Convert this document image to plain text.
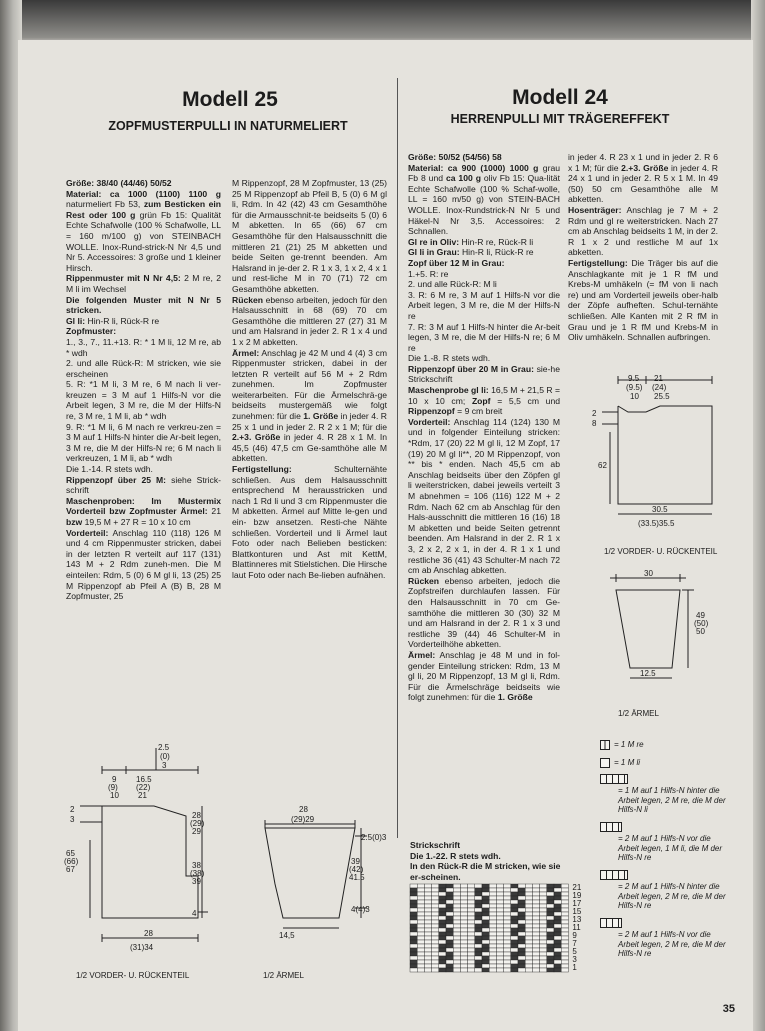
Modell 25
ZOPFMUSTERPULLI IN NATURMELIERT

Größe: 38/40 (44/46) 50/52

Material: ca 1000 (1100) 1100 g naturmeliert Fb 53, zum Besticken ein Rest oder 100 g grün Fb 15: Qualität Echte Schafwolle (100 % Schafwolle, LL = 160 m/100 g) von STEINBACH WOLLE. Inox-Rund-strick-N Nr 4,5 und Nr 5. Accessoires: 3 große und 1 kleiner Hirsch.

Rippenmuster mit N Nr 4,5: 2 M re, 2 M li im Wechsel

Die folgenden Muster mit N Nr 5 stricken.

Gl li: Hin-R li, Rück-R re

Zopfmuster:

1., 3., 7., 11.+13. R: * 1 M li, 12 M re, ab * wdh

2. und alle Rück-R: M stricken, wie sie erscheinen

5. R: *1 M li, 3 M re, 6 M nach li ver-kreuzen = 3 M auf 1 Hilfs-N vor die Arbeit legen, 3 M re, die M der Hilfs-N re, 3 M re, 1 M li, ab * wdh

9. R: *1 M li, 6 M nach re verkreu-zen = 3 M auf 1 Hilfs-N hinter die Ar-beit legen, 3 M re, die M der Hilfs-N re; 6 M nach li verkreuzen, 1 M li, ab * wdh

Die 1.-14. R stets wdh.

Rippenzopf über 25 M: siehe Strick-schrift

Maschenproben: Im Mustermix Vorderteil bzw Zopfmuster Ärmel: 21 bzw 19,5 M + 27 R = 10 x 10 cm

Vorderteil: Anschlag 110 (118) 126 M und 4 cm Rippenmuster stricken, dabei in der letzten R verteilt auf 117 (131) 143 M + 2 Rdm zuneh-men. Die M einteilen: Rdm, 5 (0) 6 M gl li, 13 (25) 25 M Rippenzopf ab Pfeil A (B) B, 28 M Zopfmuster, 25

M Rippenzopf, 28 M Zopfmuster, 13 (25) 25 M Rippenzopf ab Pfeil B, 5 (0) 6 M gl li, Rdm. In 42 (42) 43 cm Gesamthöhe für die Armausschnit-te beidseits 5 (0) 6 M abketten. In 65 (66) 67 cm Gesamthöhe für den Halsausschnitt die mittleren 21 (21) 25 M abketten und beide Seiten ge-trennt beenden. Am Halsrand in je-der 2. R 1 x 3, 1 x 2, 4 x 1 und rest-liche M in 70 (71) 72 cm Gesamthöhe abketten.

Rücken ebenso arbeiten, jedoch für den Halsausschnitt in 68 (69) 70 cm Gesamthöhe die mittleren 27 (27) 31 M und am Halsrand in jeder 2. R 1 x 4 und 1 x 2 M abketten.

Ärmel: Anschlag je 42 M und 4 (4) 3 cm Rippenmuster stricken, dabei in der letzten R verteilt auf 56 M + 2 Rdm zunehmen. Im Zopfmuster weiterarbeiten. Für die Ärmelschrä-ge beidseits mustergemäß wie folgt zunehmen: für die 1. Größe in jeder 4. R 25 x 1 und in jeder 2. R 2 x 1 M; für die 2.+3. Größe in jeder 4. R 28 x 1 M. In 45,5 (46) 47,5 cm Ge-samthöhe alle M abketten.

Fertigstellung: Schulternähte schließen. Aus dem Halsausschnitt entsprechend M herausstricken und nach 1 Rd li und 3 cm Rippenmuster die M abketten. Ärmel auf Mitte le-gen und ein- bzw ansetzen. Resti-che Nähte schließen. Vorderteil und li Ärmel laut Foto oder nach Belieben besticken: Blattkonturen und Ast mit KettM, Blattinneres mit Stielstichen. Die Hirsche laut Foto oder nach Be-lieben aufnähen.

Modell 24
HERRENPULLI MIT TRÄGEREFFEKT

Größe: 50/52 (54/56) 58

Material: ca 900 (1000) 1000 g grau Fb 8 und ca 100 g oliv Fb 15: Qua-lität Echte Schafwolle (100 % Schaf-wolle, LL = 160 m/50 g) von STEIN-BACH WOLLE. Inox-Rundstrick-N Nr 5 und Häkel-N Nr 3,5. Accessoires: 2 Schnallen.

Gl re in Oliv: Hin-R re, Rück-R li

Gl li in Grau: Hin-R li, Rück-R re

Zopf über 12 M in Grau:

1.+5. R: re

2. und alle Rück-R: M li

3. R: 6 M re, 3 M auf 1 Hilfs-N vor die Arbeit legen, 3 M re, die M der Hilfs-N re

7. R: 3 M auf 1 Hilfs-N hinter die Ar-beit legen, 3 M re, die M der Hilfs-N re; 6 M re

Die 1.-8. R stets wdh.

Rippenzopf über 20 M in Grau: sie-he Strickschrift

Maschenprobe gl li: 16,5 M + 21,5 R = 10 x 10 cm; Zopf = 5,5 cm und Rippenzopf = 9 cm breit

Vorderteil: Anschlag 114 (124) 130 M und in folgender Einteilung stricken: *Rdm, 17 (20) 22 M gl li, 12 M Zopf, 17 (19) 20 M gl li**, 20 M Rippenzopf, von ** bis * enden. Nach 45,5 cm ab Anschlag beidseits über den Zöpfen gl li weiterstricken, dabei jeweils verteilt 3 M abnehmen = 106 (116) 122 M + 2 Rdm. Nach 62 cm ab Anschlag für den Hals-ausschnitt die mittleren 16 (16) 18 M abketten und beide Seiten getrennt beenden. Am Halsrand in der 2. R 1 x 3, 2 x 2, 2 x 1, in der 4. R 1 x 1 und restliche 36 (41) 43 Schulter-M nach 72 cm ab Anschlag abketten.

Rücken ebenso arbeiten, jedoch die Zopfstreifen durchlaufen lassen. Für den Halsausschnitt in 70 cm Ge-samthöhe die mittleren 30 (30) 32 M und am Halsrand in der 2. R 1 x 3 und restliche 39 (44) 46 Schulter-M in Vorderteilhöhe abketten.

Ärmel: Anschlag je 48 M und in fol-gender Einteilung stricken: Rdm, 13 M gl li, 20 M Rippenzopf, 13 M gl li, Rdm. Für die Ärmelschräge beidseits wie folgt zunehmen: für die 1. Größe

in jeder 4. R 23 x 1 und in jeder 2. R 6 x 1 M; für die 2.+3. Größe in jeder 4. R 24 x 1 und in jeder 2. R 5 x 1 M. In 49 (50) 50 cm Gesamthöhe alle M abketten.

Hosenträger: Anschlag je 7 M + 2 Rdm und gl re weiterstricken. Nach 27 cm ab Anschlag beidseits 1 M, in der 2. R 1 x 2 und restliche M auf 1x abketten.

Fertigstellung: Die Träger bis auf die Anschlagkante mit je 1 R fM und Krebs-M umhäkeln (= fM von li nach re) und am Vorderteil jeweils ober-halb der Zöpfe aufheften. Schul-ternähte schließen. Alle Kanten mit 2 R fM in Grau und je 1 R fM und Krebs-M in Oliv umhäkeln. Schnallen aufbringen.

2.5
(0)
3
9
(9)
10
16.5
(22)
21
2
3
65
(66)
67
28
(29)
29
38
(38)
39
4
28
(31)34
1/2 VORDER- U. RÜCKENTEIL
28
(29)29
2.5(0)3
39
(42)
41.5
4(4)3
14,5
1/2 ÄRMEL
9.5
(9.5)
10
21
(24)
25.5
2
8
62
30.5
(33.5)35.5
1/2 VORDER- U. RÜCKENTEIL
30
49
(50)
50
12.5
1/2 ÄRMEL
Strickschrift
Die 1.-22. R stets wdh.
In den Rück-R die M stricken, wie sie er-scheinen.
21
19
17
15
13
11
9
7
5
3
1
= 1 M re
= 1 M li
= 1 M auf 1 Hilfs-N hinter die Arbeit legen, 2 M re, die M der Hilfs-N li
= 2 M auf 1 Hilfs-N vor die Arbeit legen, 1 M li, die M der Hilfs-N re
= 2 M auf 1 Hilfs-N hinter die Arbeit legen, 2 M re, die M der Hilfs-N re
= 2 M auf 1 Hilfs-N vor die Arbeit legen, 2 M re, die M der Hilfs-N re
35
